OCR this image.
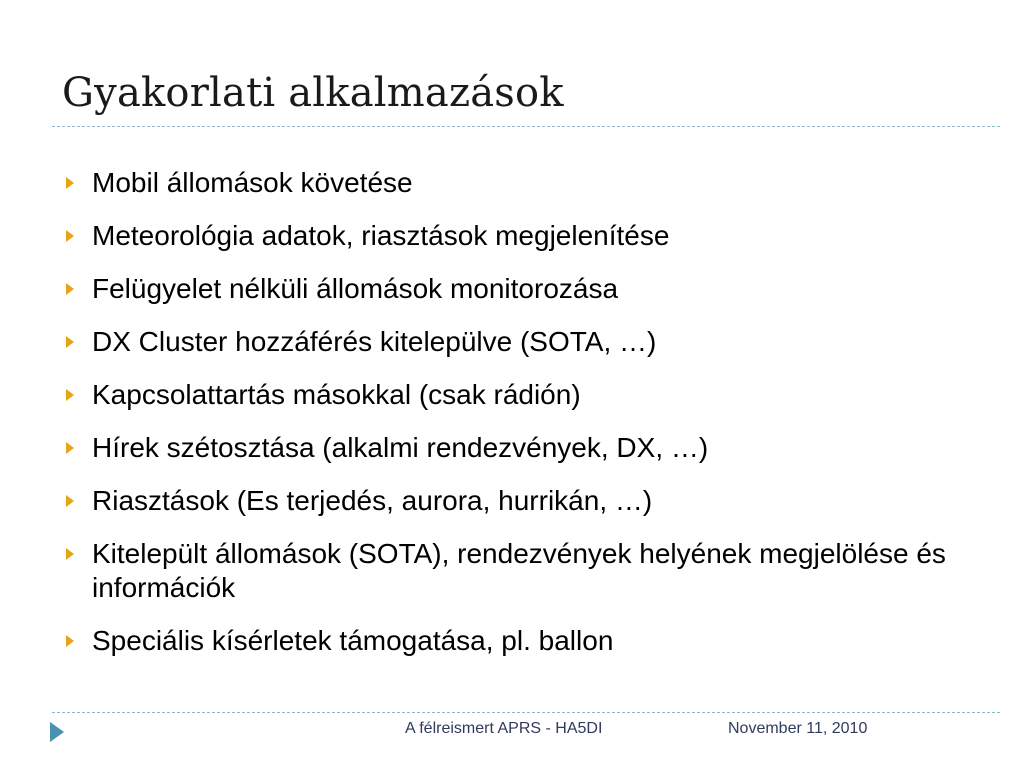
Gyakorlati alkalmazások
Mobil állomások követése
Meteorológia adatok, riasztások megjelenítése
Felügyelet nélküli állomások monitorozása
DX Cluster hozzáférés kitelepülve (SOTA, …)
Kapcsolattartás másokkal (csak rádión)
Hírek szétosztása (alkalmi rendezvények, DX, …)
Riasztások (Es terjedés, aurora, hurrikán, …)
Kitelepült állomások (SOTA), rendezvények helyének megjelölése és információk
Speciális kísérletek támogatása, pl. ballon
A félreismert APRS - HA5DI	November 11, 2010
